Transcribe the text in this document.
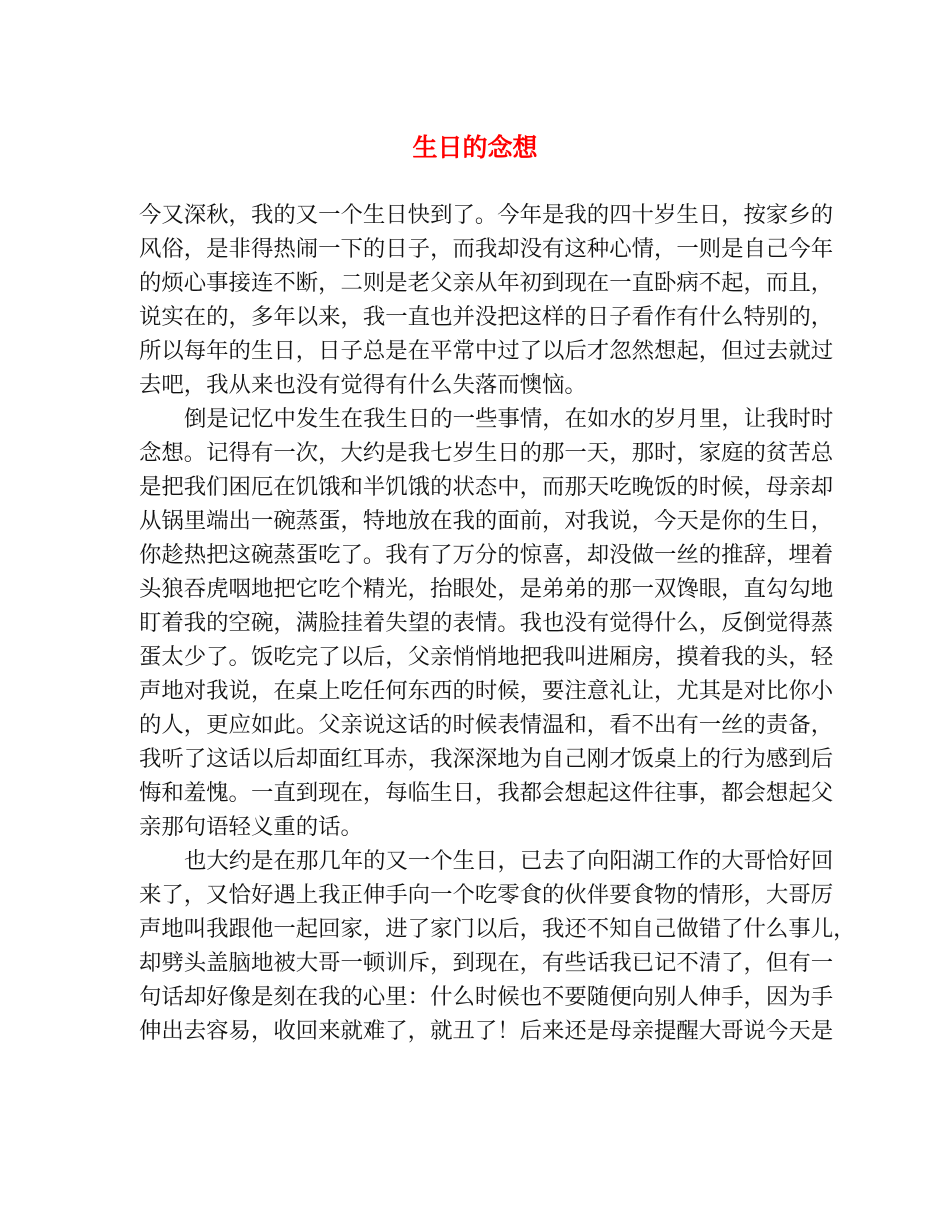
生日的念想
今又深秋，我的又一个生日快到了。今年是我的四十岁生日，按家乡的
风俗，是非得热闹一下的日子，而我却没有这种心情，一则是自己今年
的烦心事接连不断，二则是老父亲从年初到现在一直卧病不起，而且，
说实在的，多年以来，我一直也并没把这样的日子看作有什么特别的，
所以每年的生日，日子总是在平常中过了以后才忽然想起，但过去就过
去吧，我从来也没有觉得有什么失落而懊恼。
倒是记忆中发生在我生日的一些事情，在如水的岁月里，让我时时
念想。记得有一次，大约是我七岁生日的那一天，那时，家庭的贫苦总
是把我们困厄在饥饿和半饥饿的状态中，而那天吃晚饭的时候，母亲却
从锅里端出一碗蒸蛋，特地放在我的面前，对我说，今天是你的生日，
你趁热把这碗蒸蛋吃了。我有了万分的惊喜，却没做一丝的推辞，埋着
头狼吞虎咽地把它吃个精光，抬眼处，是弟弟的那一双馋眼，直勾勾地
盯着我的空碗，满脸挂着失望的表情。我也没有觉得什么，反倒觉得蒸
蛋太少了。饭吃完了以后，父亲悄悄地把我叫进厢房，摸着我的头，轻
声地对我说，在桌上吃任何东西的时候，要注意礼让，尤其是对比你小
的人，更应如此。父亲说这话的时候表情温和，看不出有一丝的责备，
我听了这话以后却面红耳赤，我深深地为自己刚才饭桌上的行为感到后
悔和羞愧。一直到现在，每临生日，我都会想起这件往事，都会想起父
亲那句语轻义重的话。
也大约是在那几年的又一个生日，已去了向阳湖工作的大哥恰好回
来了，又恰好遇上我正伸手向一个吃零食的伙伴要食物的情形，大哥厉
声地叫我跟他一起回家，进了家门以后，我还不知自己做错了什么事儿，
却劈头盖脑地被大哥一顿训斥，到现在，有些话我已记不清了，但有一
句话却好像是刻在我的心里：什么时候也不要随便向别人伸手，因为手
伸出去容易，收回来就难了，就丑了！后来还是母亲提醒大哥说今天是
